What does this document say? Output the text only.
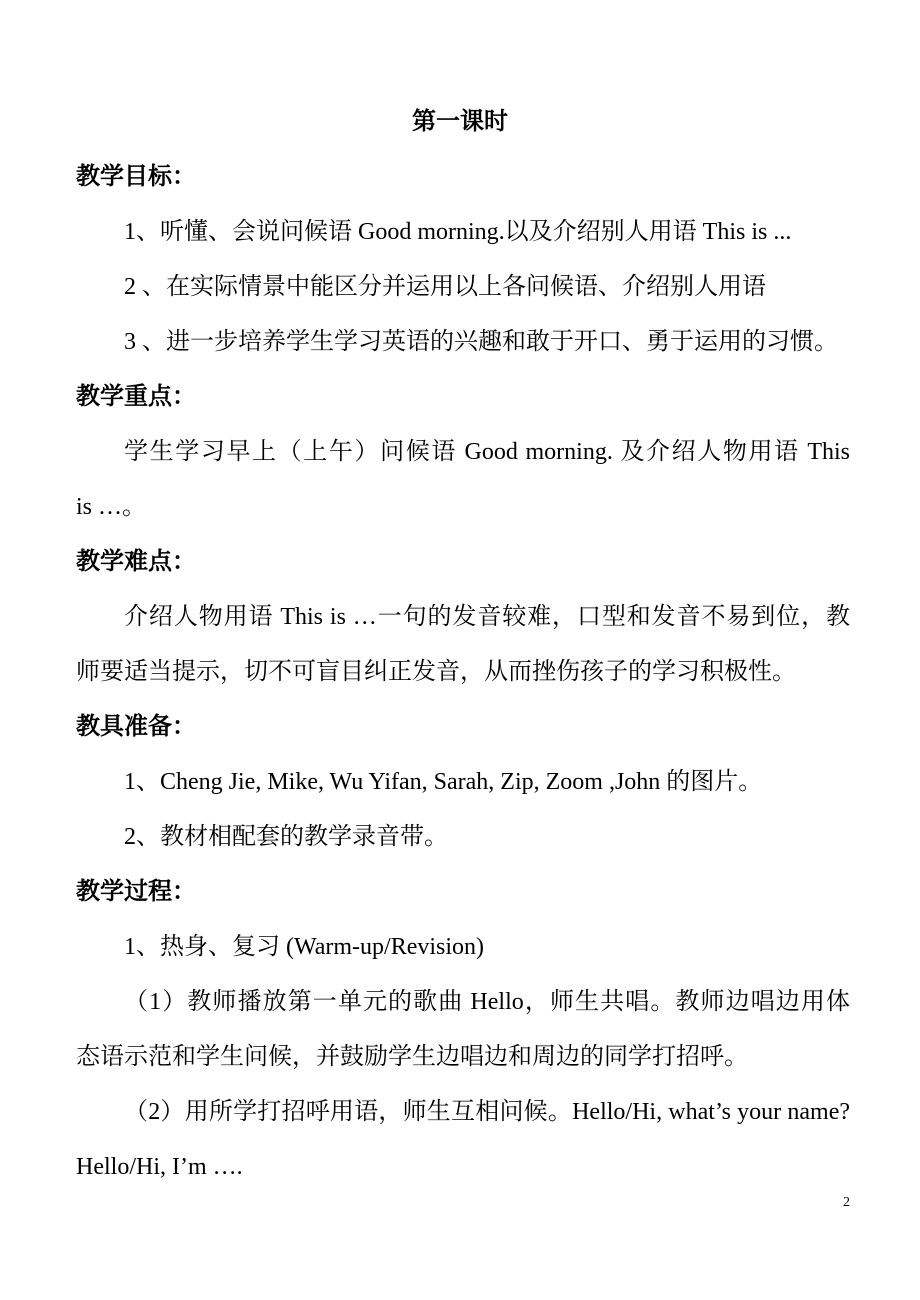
第一课时
教学目标：
1、听懂、会说问候语 Good morning.以及介绍别人用语 This is ...
2 、在实际情景中能区分并运用以上各问候语、介绍别人用语
3 、进一步培养学生学习英语的兴趣和敢于开口、勇于运用的习惯。
教学重点：
学生学习早上（上午）问候语 Good morning. 及介绍人物用语 This
is …。
教学难点：
介绍人物用语 This is …一句的发音较难，口型和发音不易到位，教
师要适当提示，切不可盲目纠正发音，从而挫伤孩子的学习积极性。
教具准备：
1、Cheng Jie, Mike, Wu Yifan, Sarah, Zip, Zoom ,John 的图片。
2、教材相配套的教学录音带。
教学过程：
1、热身、复习 (Warm-up/Revision)
（1）教师播放第一单元的歌曲 Hello，师生共唱。教师边唱边用体
态语示范和学生问候，并鼓励学生边唱边和周边的同学打招呼。
（2）用所学打招呼用语，师生互相问候。Hello/Hi, what’s your name?
Hello/Hi, I’m ….
2
